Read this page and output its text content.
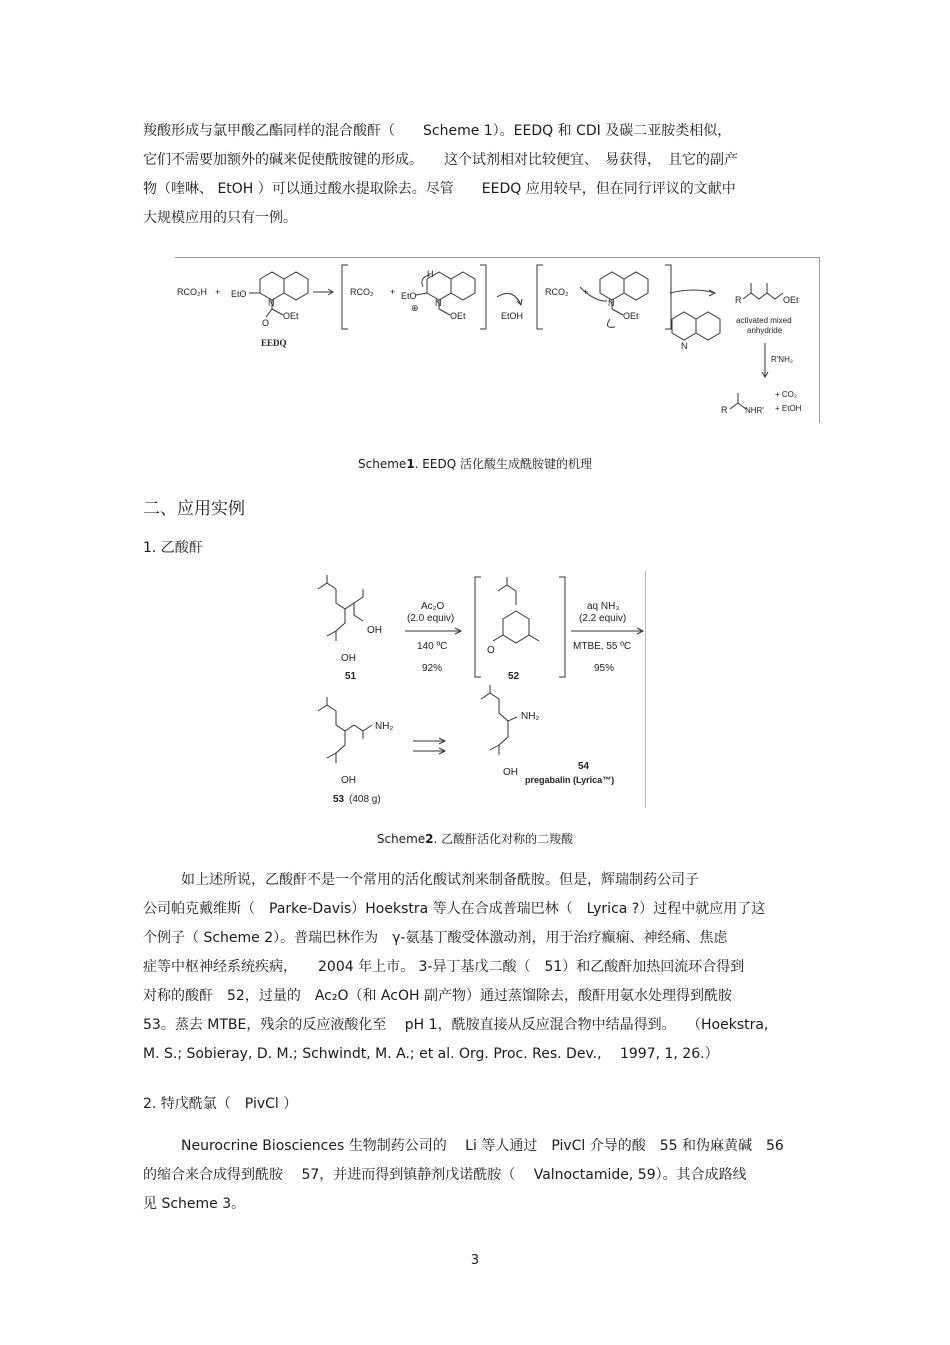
羧酸形成与氯甲酸乙酯同样的混合酸酐（　　Scheme 1）。EEDQ 和 CDI 及碳二亚胺类相似，

它们不需要加额外的碱来促使酰胺键的形成。　　这个试剂相对比较便宜、　易获得，　且它的副产

物（喹啉、 EtOH ）可以通过酸水提取除去。尽管　　EEDQ 应用较早，但在同行评议的文献中

大规模应用的只有一例。

RCO₂H + EtO
N
OEt
O
EEDQ
RCO₂ +
H
EtO
N
OEt
⊕
EtOH
RCO₂ +
N
OEt
N
R	OEt
activated mixed
anhydride
R'NH₂
R NHR'
+ CO₂
+ EtOH
Scheme1. EEDQ 活化酸生成酰胺键的机理
二、应用实例
1. 乙酸酐
OH
OH
51
Ac₂O
(2.0 equiv)
140 ºC
92%
O
52
aq NH₃
(2.2 equiv)
MTBE, 55 ºC
95%
NH₂
OH
53 (408 g)
NH₂
OH
54
pregabalin (Lyrica™)
Scheme2. 乙酸酐活化对称的二羧酸

如上述所说，乙酸酐不是一个常用的活化酸试剂来制备酰胺。但是，辉瑞制药公司子

公司帕克戴维斯（　Parke-Davis）Hoekstra 等人在合成普瑞巴林（　Lyrica ?）过程中就应用了这

个例子（ Scheme 2）。普瑞巴林作为　γ-氨基丁酸受体激动剂，用于治疗癫痫、神经痛、焦虑

症等中枢神经系统疾病，　　2004 年上市。 3-异丁基戊二酸（　51）和乙酸酐加热回流环合得到

对称的酸酐　52，过量的　Ac₂O（和 AcOH 副产物）通过蒸馏除去，酸酐用氨水处理得到酰胺

53。蒸去 MTBE，残余的反应液酸化至　 pH 1，酰胺直接从反应混合物中结晶得到。　 （Hoekstra,

M. S.; Sobieray, D. M.; Schwindt, M. A.; et al. Org. Proc. Res. Dev.,　 1997, 1, 26.）

2. 特戊酰氯（　PivCl ）

Neurocrine Biosciences 生物制药公司的　 Li 等人通过　PivCl 介导的酸　55 和伪麻黄碱　56

的缩合来合成得到酰胺　 57，并进而得到镇静剂戊诺酰胺（　 Valnoctamide, 59）。其合成路线

见 Scheme 3。

3
